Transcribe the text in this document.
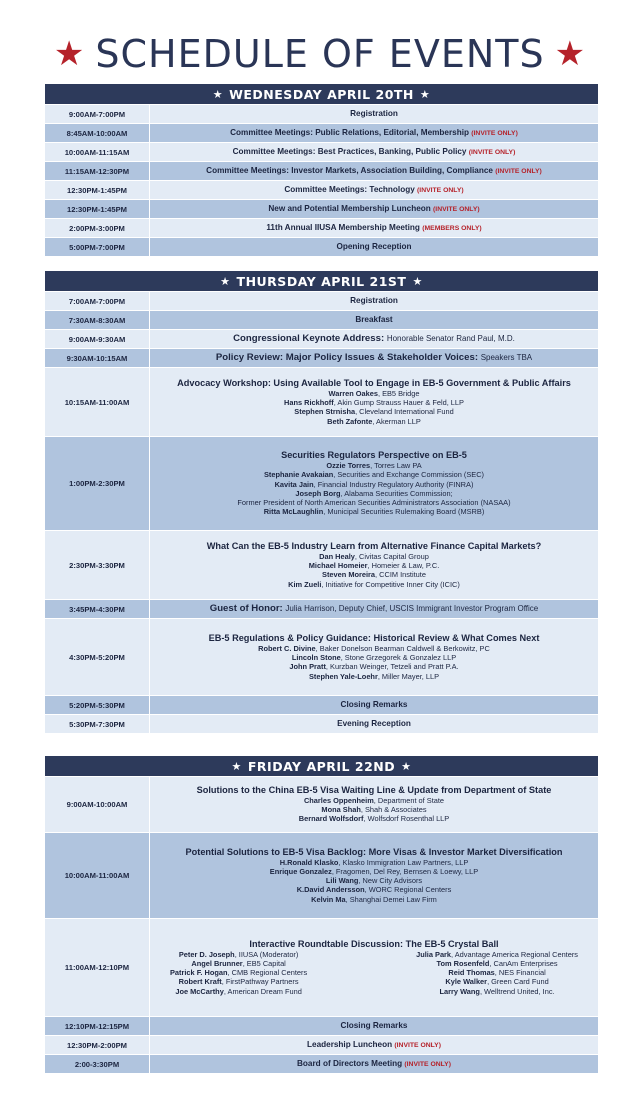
★ SCHEDULE OF EVENTS ★
★ WEDNESDAY APRIL 20TH ★
9:00AM-7:00PM	Registration
8:45AM-10:00AM	Committee Meetings: Public Relations, Editorial, Membership (INVITE ONLY)
10:00AM-11:15AM	Committee Meetings: Best Practices, Banking, Public Policy (INVITE ONLY)
11:15AM-12:30PM	Committee Meetings: Investor Markets, Association Building, Compliance (INVITE ONLY)
12:30PM-1:45PM	Committee Meetings: Technology (INVITE ONLY)
12:30PM-1:45PM	New and Potential Membership Luncheon (INVITE ONLY)
2:00PM-3:00PM	11th Annual IIUSA Membership Meeting (MEMBERS ONLY)
5:00PM-7:00PM	Opening Reception
★ THURSDAY APRIL 21ST ★
7:00AM-7:00PM	Registration
7:30AM-8:30AM	Breakfast
9:00AM-9:30AM	Congressional Keynote Address: Honorable Senator Rand Paul, M.D.
9:30AM-10:15AM	Policy Review: Major Policy Issues & Stakeholder Voices: Speakers TBA
10:15AM-11:00AM
Advocacy Workshop: Using Available Tool to Engage in EB-5 Government & Public Affairs
Warren Oakes, EB5 Bridge
Hans Rickhoff, Akin Gump Strauss Hauer & Feld, LLP
Stephen Strnisha, Cleveland International Fund
Beth Zafonte, Akerman LLP
1:00PM-2:30PM
Securities Regulators Perspective on EB-5
Ozzie Torres, Torres Law PA
Stephanie Avakaian, Securities and Exchange Commission (SEC)
Kavita Jain, Financial Industry Regulatory Authority (FINRA)
Joseph Borg, Alabama Securities Commission;
Former President of North American Securities Administrators Association (NASAA)
Ritta McLaughlin, Municipal Securities Rulemaking Board (MSRB)
2:30PM-3:30PM
What Can the EB-5 Industry Learn from Alternative Finance Capital Markets?
Dan Healy, Civitas Capital Group
Michael Homeier, Homeier & Law, P.C.
Steven Moreira, CCIM Institute
Kim Zueli, Initiative for Competitive Inner City (ICIC)
3:45PM-4:30PM	Guest of Honor: Julia Harrison, Deputy Chief, USCIS Immigrant Investor Program Office
4:30PM-5:20PM
EB-5 Regulations & Policy Guidance: Historical Review & What Comes Next
Robert C. Divine, Baker Donelson Bearman Caldwell & Berkowitz, PC
Lincoln Stone, Stone Grzegorek & Gonzalez LLP
John Pratt, Kurzban Weinger, Tetzeli and Pratt P.A.
Stephen Yale-Loehr, Miller Mayer, LLP
5:20PM-5:30PM	Closing Remarks
5:30PM-7:30PM	Evening Reception
★ FRIDAY APRIL 22ND ★
9:00AM-10:00AM
Solutions to the China EB-5 Visa Waiting Line & Update from Department of State
Charles Oppenheim, Department of State
Mona Shah, Shah & Associates
Bernard Wolfsdorf, Wolfsdorf Rosenthal LLP
10:00AM-11:00AM
Potential Solutions to EB-5 Visa Backlog: More Visas & Investor Market Diversification
H.Ronald Klasko, Klasko Immigration Law Partners, LLP
Enrique Gonzalez, Fragomen, Del Rey, Bernsen & Loewy, LLP
Lili Wang, New City Advisors
K.David Andersson, WORC Regional Centers
Kelvin Ma, Shanghai Demei Law Firm
11:00AM-12:10PM
Interactive Roundtable Discussion: The EB-5 Crystal Ball
Peter D. Joseph, IIUSA (Moderator)
Angel Brunner, EB5 Capital
Patrick F. Hogan, CMB Regional Centers
Robert Kraft, FirstPathway Partners
Joe McCarthy, American Dream Fund
Julia Park, Advantage America Regional Centers
Tom Rosenfeld, CanAm Enterprises
Reid Thomas, NES Financial
Kyle Walker, Green Card Fund
Larry Wang, Welltrend United, Inc.
12:10PM-12:15PM	Closing Remarks
12:30PM-2:00PM	Leadership Luncheon (INVITE ONLY)
2:00-3:30PM	Board of Directors Meeting (INVITE ONLY)
